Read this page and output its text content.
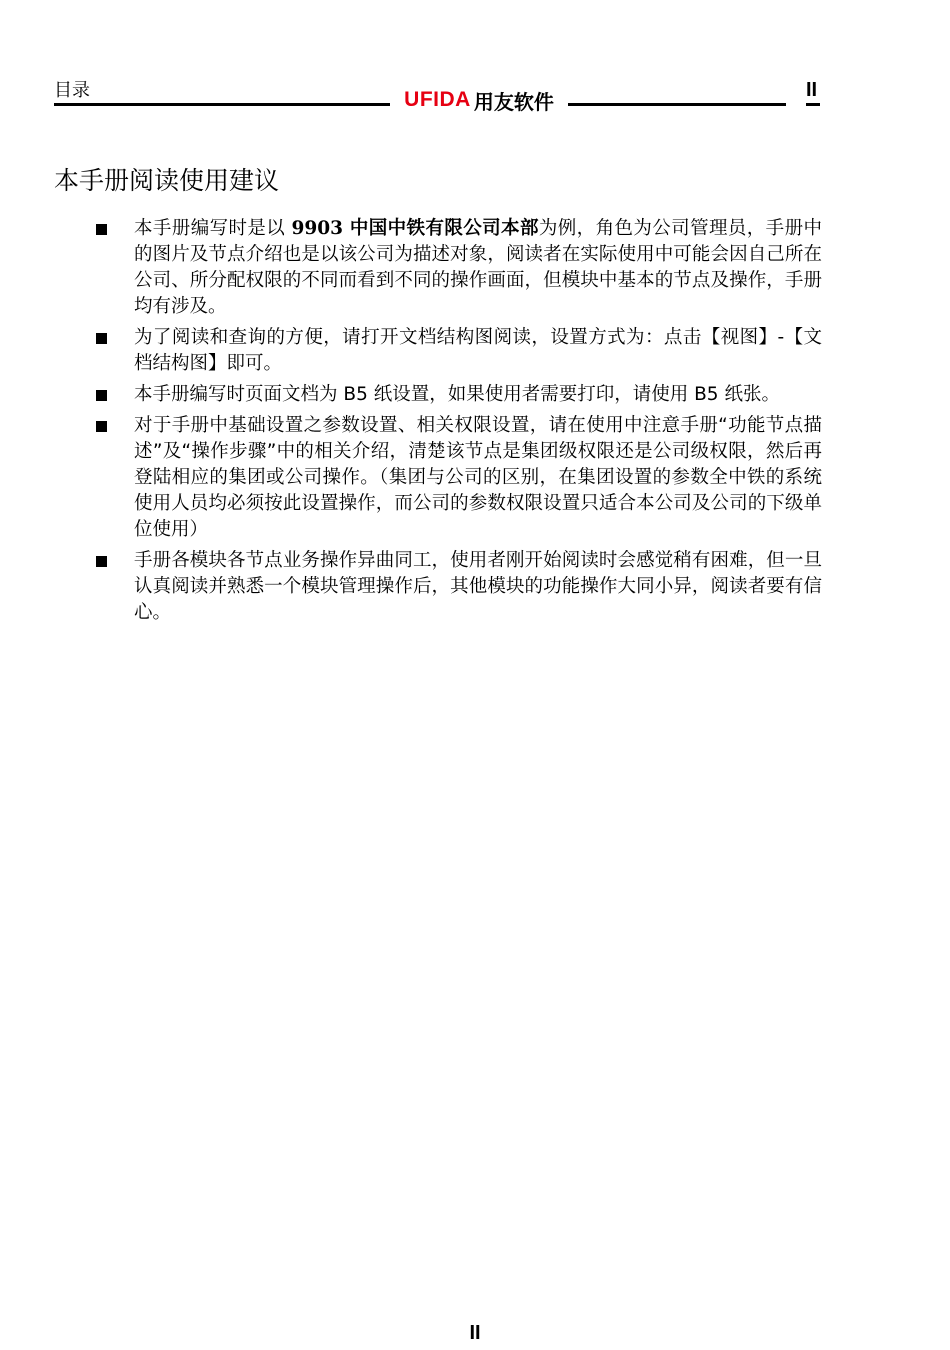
目录	UFIDA 用友软件	II
本手册阅读使用建议
本手册编写时是以 9903 中国中铁有限公司本部为例，角色为公司管理员，手册中的图片及节点介绍也是以该公司为描述对象，阅读者在实际使用中可能会因自己所在公司、所分配权限的不同而看到不同的操作画面，但模块中基本的节点及操作，手册均有涉及。
为了阅读和查询的方便，请打开文档结构图阅读，设置方式为：点击【视图】-【文档结构图】即可。
本手册编写时页面文档为 B5 纸设置，如果使用者需要打印，请使用 B5 纸张。
对于手册中基础设置之参数设置、相关权限设置，请在使用中注意手册“功能节点描述”及“操作步骤”中的相关介绍，清楚该节点是集团级权限还是公司级权限，然后再登陆相应的集团或公司操作。（集团与公司的区别，在集团设置的参数全中铁的系统使用人员均必须按此设置操作，而公司的参数权限设置只适合本公司及公司的下级单位使用）
手册各模块各节点业务操作异曲同工，使用者刚开始阅读时会感觉稍有困难，但一旦认真阅读并熟悉一个模块管理操作后，其他模块的功能操作大同小异，阅读者要有信心。
II
